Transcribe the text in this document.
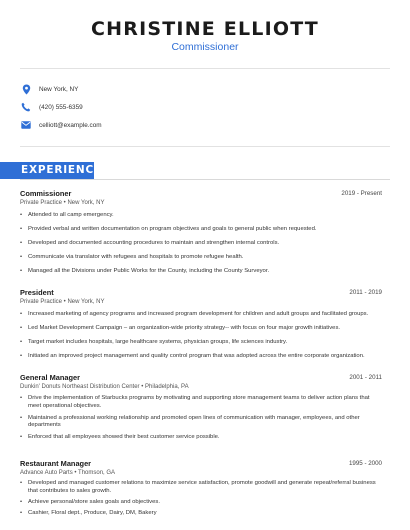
CHRISTINE ELLIOTT
Commissioner
New York, NY
(420) 555-6359
celliott@example.com
EXPERIENCE
Commissioner	2019 - Present
Private Practice • New York, NY
• Attended to all camp emergency.
• Provided verbal and written documentation on program objectives and goals to general public when requested.
• Developed and documented accounting procedures to maintain and strengthen internal controls.
• Communicate via translator with refugees and hospitals to promote refugee health.
• Managed all the Divisions under Public Works for the County, including the County Surveyor.
President	2011 - 2019
Private Practice • New York, NY
• Increased marketing of agency programs and increased program development for children and adult groups and facilitated groups.
• Led Market Development Campaign – an organization-wide priority strategy-- with focus on four major growth initiatives.
• Target market includes hospitals, large healthcare systems, physician groups, life sciences industry.
• Initiated an improved project management and quality control program that was adopted across the entire corporate organization.
General Manager	2001 - 2011
Dunkin' Donuts Northeast Distribution Center • Philadelphia, PA
• Drive the implementation of Starbucks programs by motivating and supporting store management teams to deliver action plans that meet operational objectives.
• Maintained a professional working relationship and promoted open lines of communication with manager, employees, and other departments
• Enforced that all employees showed their best customer service possible.
Restaurant Manager	1995 - 2000
Advance Auto Parts • Thomson, GA
• Developed and managed customer relations to maximize service satisfaction, promote goodwill and generate repeat/referral business that contributes to sales growth.
• Achieve personal/store sales goals and objectives.
• Cashier, Floral dept., Produce, Dairy, DM, Bakery
